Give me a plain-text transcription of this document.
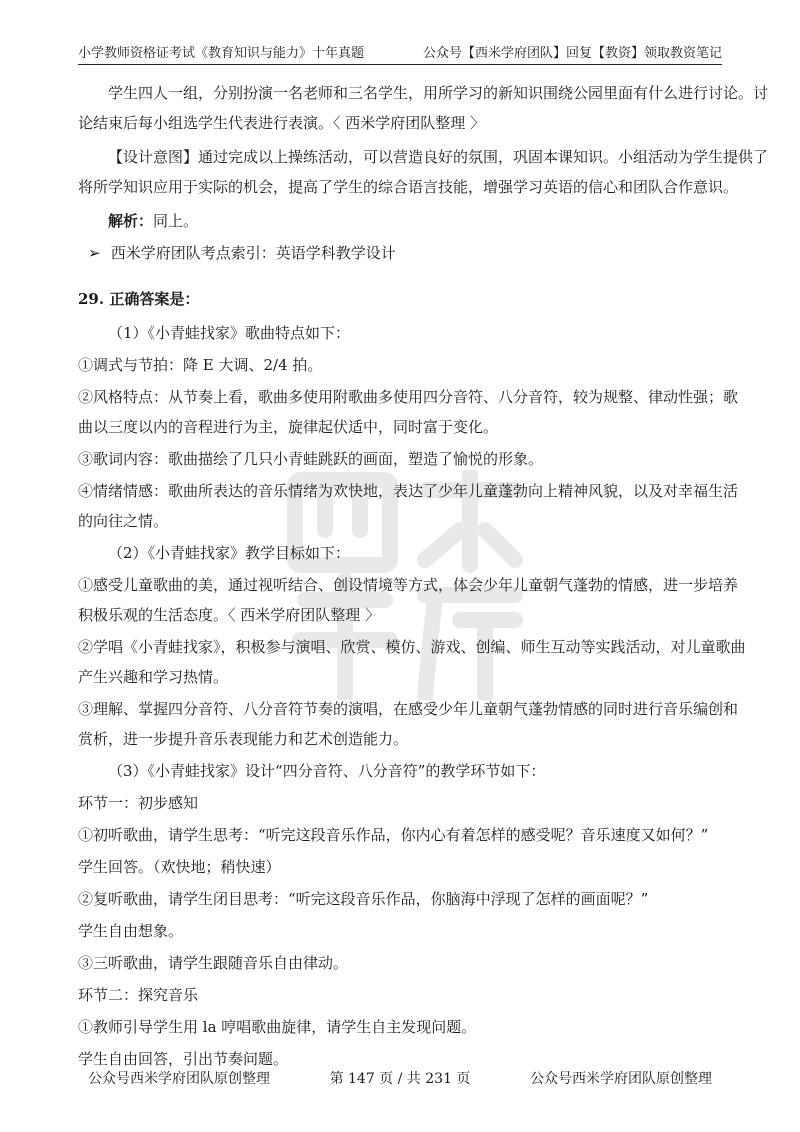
小学教师资格证考试《教育知识与能力》十年真题	公众号【西米学府团队】回复【教资】领取教资笔记
学生四人一组，分别扮演一名老师和三名学生，用所学习的新知识围绕公园里面有什么进行讨论。讨
论结束后每小组选学生代表进行表演。〈 西米学府团队整理 〉
【设计意图】通过完成以上操练活动，可以营造良好的氛围，巩固本课知识。小组活动为学生提供了
将所学知识应用于实际的机会，提高了学生的综合语言技能，增强学习英语的信心和团队合作意识。
解析：同上。
➢ 西米学府团队考点索引：英语学科教学设计
29. 正确答案是：
（1）《小青蛙找家》歌曲特点如下：
①调式与节拍：降 E 大调、2/4 拍。
②风格特点：从节奏上看，歌曲多使用附歌曲多使用四分音符、八分音符，较为规整、律动性强；歌
曲以三度以内的音程进行为主，旋律起伏适中，同时富于变化。
③歌词内容：歌曲描绘了几只小青蛙跳跃的画面，塑造了愉悦的形象。
④情绪情感：歌曲所表达的音乐情绪为欢快地，表达了少年儿童蓬勃向上精神风貌，以及对幸福生活
的向往之情。
（2）《小青蛙找家》教学目标如下：
①感受儿童歌曲的美，通过视听结合、创设情境等方式，体会少年儿童朝气蓬勃的情感，进一步培养
积极乐观的生活态度。〈 西米学府团队整理 〉
②学唱《小青蛙找家》，积极参与演唱、欣赏、模仿、游戏、创编、师生互动等实践活动，对儿童歌曲
产生兴趣和学习热情。
③理解、掌握四分音符、八分音符节奏的演唱，在感受少年儿童朝气蓬勃情感的同时进行音乐编创和
赏析，进一步提升音乐表现能力和艺术创造能力。
（3）《小青蛙找家》设计“四分音符、八分音符”的教学环节如下：
环节一：初步感知
①初听歌曲，请学生思考：“听完这段音乐作品，你内心有着怎样的感受呢？音乐速度又如何？”
学生回答。（欢快地；稍快速）
②复听歌曲，请学生闭目思考：“听完这段音乐作品，你脑海中浮现了怎样的画面呢？”
学生自由想象。
③三听歌曲，请学生跟随音乐自由律动。
环节二：探究音乐
①教师引导学生用 la 哼唱歌曲旋律，请学生自主发现问题。
学生自由回答，引出节奏问题。
公众号西米学府团队原创整理	第 147 页 / 共 231 页	公众号西米学府团队原创整理
